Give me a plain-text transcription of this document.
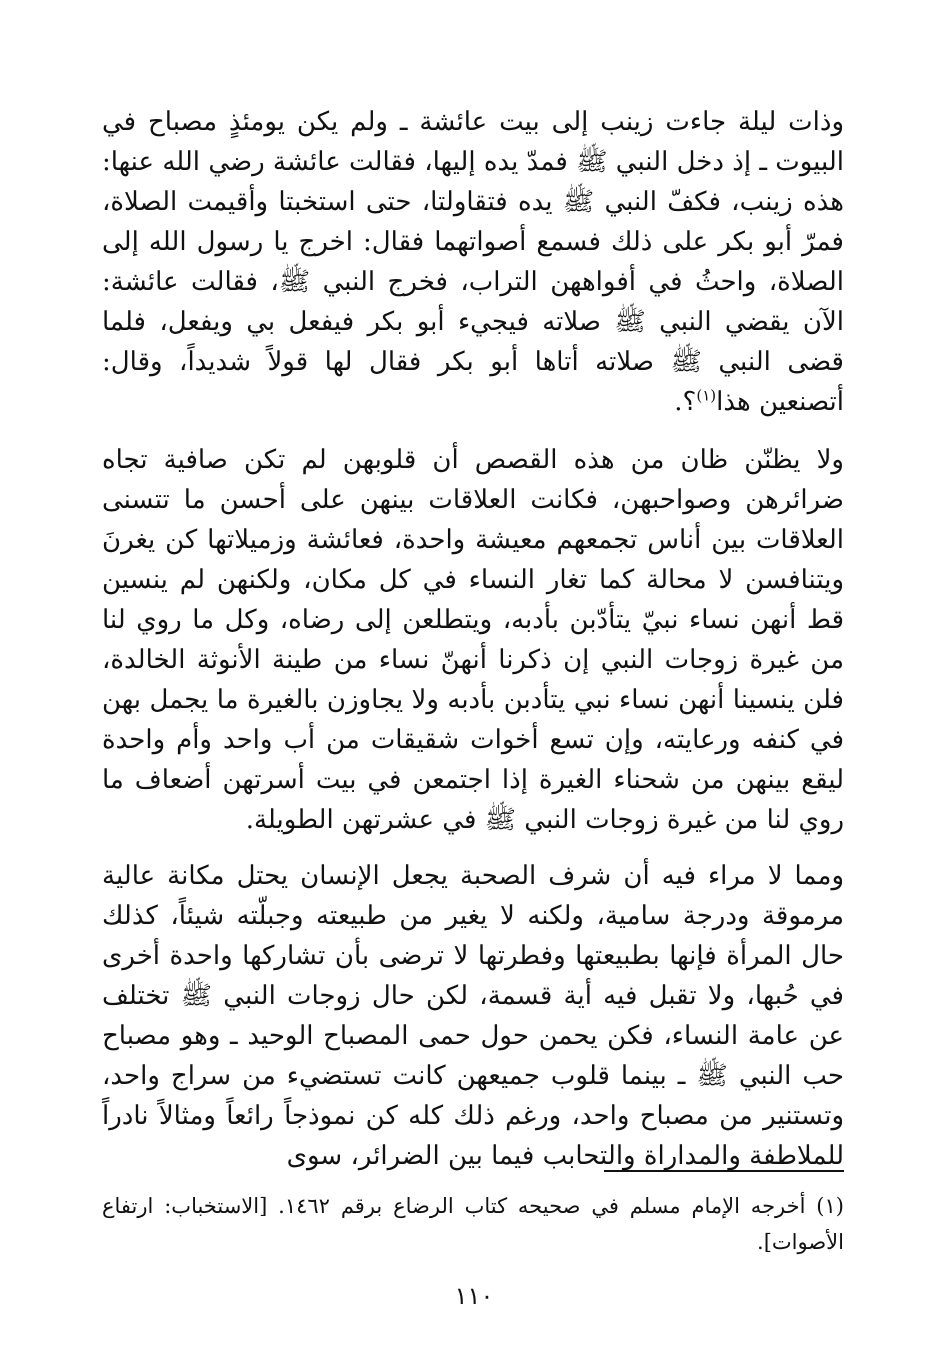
وذات ليلة جاءت زينب إلى بيت عائشة ـ ولم يكن يومئذٍ مصباح في البيوت ـ إذ دخل النبي ﷺ فمدّ يده إليها، فقالت عائشة رضي الله عنها: هذه زينب، فكفّ النبي ﷺ يده فتقاولتا، حتى استخبتا وأقيمت الصلاة، فمرّ أبو بكر على ذلك فسمع أصواتهما فقال: اخرج يا رسول الله إلى الصلاة، واحثُ في أفواههن التراب، فخرج النبي ﷺ، فقالت عائشة: الآن يقضي النبي ﷺ صلاته فيجيء أبو بكر فيفعل بي ويفعل، فلما قضى النبي ﷺ صلاته أتاها أبو بكر فقال لها قولاً شديداً، وقال: أتصنعين هذا$^{(١)}$؟.

ولا يظنّن ظان من هذه القصص أن قلوبهن لم تكن صافية تجاه ضرائرهن وصواحبهن، فكانت العلاقات بينهن على أحسن ما تتسنى العلاقات بين أناس تجمعهم معيشة واحدة، فعائشة وزميلاتها كن يغرنَ ويتنافسن لا محالة كما تغار النساء في كل مكان، ولكنهن لم ينسين قط أنهن نساء نبيّ يتأدّبن بأدبه، ويتطلعن إلى رضاه، وكل ما روي لنا من غيرة زوجات النبي إن ذكرنا أنهنّ نساء من طينة الأنوثة الخالدة، فلن ينسينا أنهن نساء نبي يتأدبن بأدبه ولا يجاوزن بالغيرة ما يجمل بهن في كنفه ورعايته، وإن تسع أخوات شقيقات من أب واحد وأم واحدة ليقع بينهن من شحناء الغيرة إذا اجتمعن في بيت أسرتهن أضعاف ما روي لنا من غيرة زوجات النبي ﷺ في عشرتهن الطويلة.

ومما لا مراء فيه أن شرف الصحبة يجعل الإنسان يحتل مكانة عالية مرموقة ودرجة سامية، ولكنه لا يغير من طبيعته وجبلّته شيئاً، كذلك حال المرأة فإنها بطبيعتها وفطرتها لا ترضى بأن تشاركها واحدة أخرى في حُبها، ولا تقبل فيه أية قسمة، لكن حال زوجات النبي ﷺ تختلف عن عامة النساء، فكن يحمن حول حمى المصباح الوحيد ـ وهو مصباح حب النبي ﷺ ـ بينما قلوب جميعهن كانت تستضيء من سراج واحد، وتستنير من مصباح واحد، ورغم ذلك كله كن نموذجاً رائعاً ومثالاً نادراً للملاطفة والمداراة والتحابب فيما بين الضرائر، سوى

(١) أخرجه الإمام مسلم في صحيحه كتاب الرضاع برقم ١٤٦٢. [الاستخباب: ارتفاع الأصوات].

١١٠
